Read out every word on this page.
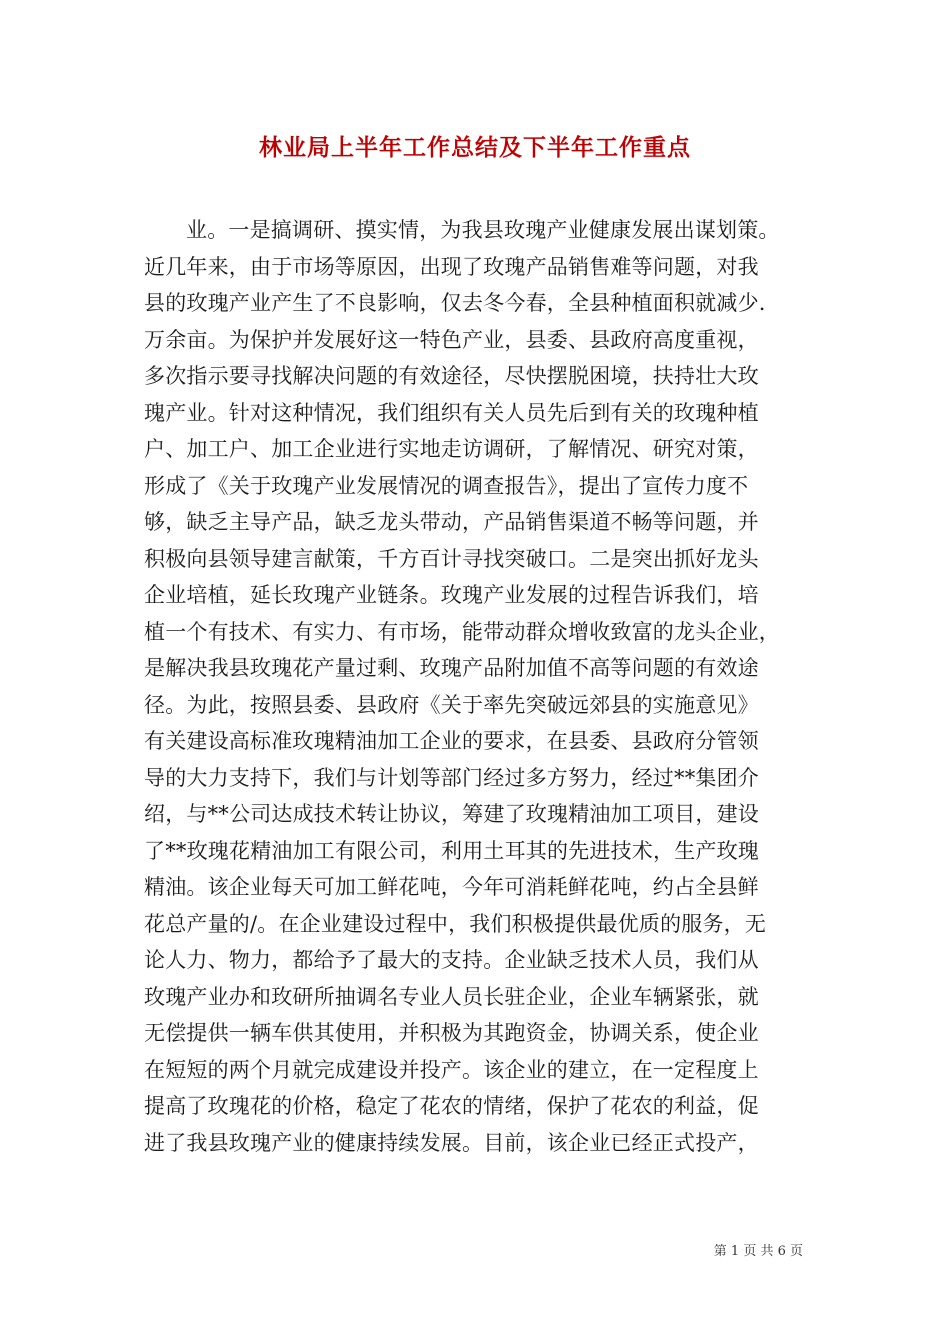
林业局上半年工作总结及下半年工作重点
业。一是搞调研、摸实情，为我县玫瑰产业健康发展出谋划策。
近几年来，由于市场等原因，出现了玫瑰产品销售难等问题，对我
县的玫瑰产业产生了不良影响，仅去冬今春，全县种植面积就减少.
万余亩。为保护并发展好这一特色产业，县委、县政府高度重视，
多次指示要寻找解决问题的有效途径，尽快摆脱困境，扶持壮大玫
瑰产业。针对这种情况，我们组织有关人员先后到有关的玫瑰种植
户、加工户、加工企业进行实地走访调研，了解情况、研究对策，
形成了《关于玫瑰产业发展情况的调查报告》，提出了宣传力度不
够，缺乏主导产品，缺乏龙头带动，产品销售渠道不畅等问题，并
积极向县领导建言献策，千方百计寻找突破口。二是突出抓好龙头
企业培植，延长玫瑰产业链条。玫瑰产业发展的过程告诉我们，培
植一个有技术、有实力、有市场，能带动群众增收致富的龙头企业，
是解决我县玫瑰花产量过剩、玫瑰产品附加值不高等问题的有效途
径。为此，按照县委、县政府《关于率先突破远郊县的实施意见》
有关建设高标准玫瑰精油加工企业的要求，在县委、县政府分管领
导的大力支持下，我们与计划等部门经过多方努力，经过**集团介
绍，与**公司达成技术转让协议，筹建了玫瑰精油加工项目，建设
了**玫瑰花精油加工有限公司，利用土耳其的先进技术，生产玫瑰
精油。该企业每天可加工鲜花吨，今年可消耗鲜花吨，约占全县鲜
花总产量的/。在企业建设过程中，我们积极提供最优质的服务，无
论人力、物力，都给予了最大的支持。企业缺乏技术人员，我们从
玫瑰产业办和玫研所抽调名专业人员长驻企业，企业车辆紧张，就
无偿提供一辆车供其使用，并积极为其跑资金，协调关系，使企业
在短短的两个月就完成建设并投产。该企业的建立，在一定程度上
提高了玫瑰花的价格，稳定了花农的情绪，保护了花农的利益，促
进了我县玫瑰产业的健康持续发展。目前，该企业已经正式投产，
第 1 页 共 6 页
